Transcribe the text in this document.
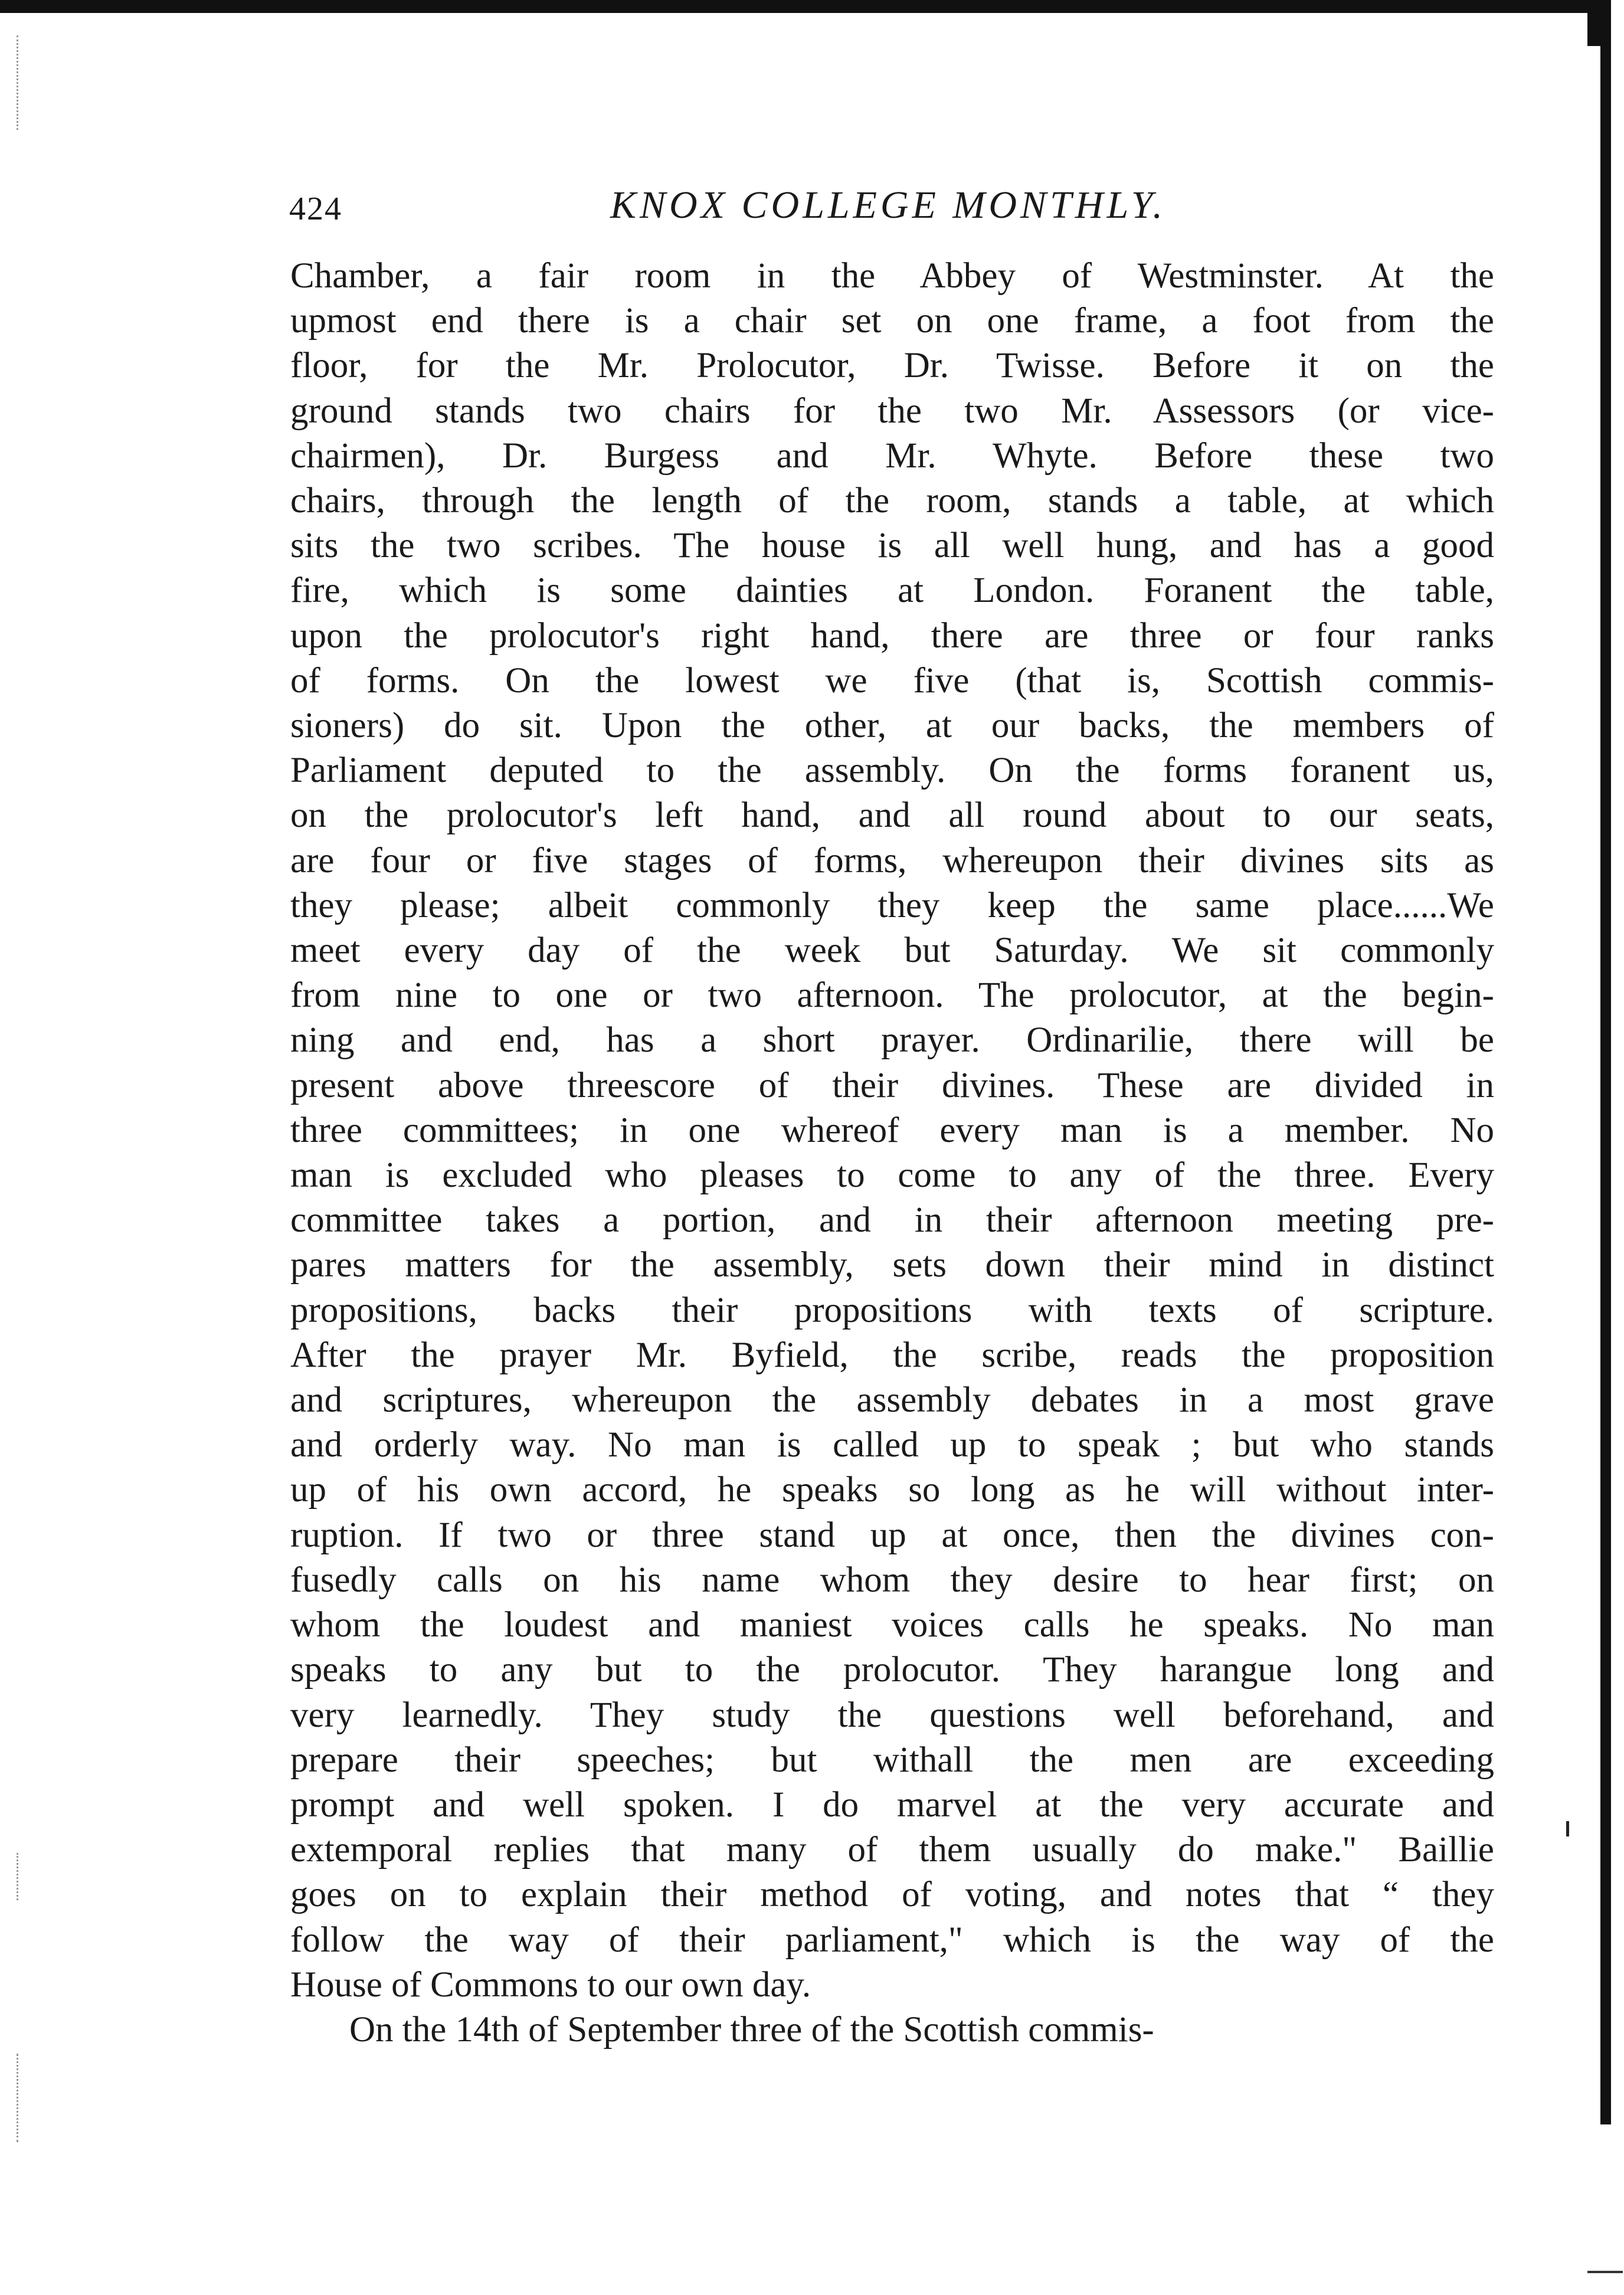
424	KNOX COLLEGE MONTHLY.

Chamber, a fair room in the Abbey of Westminster. At the
upmost end there is a chair set on one frame, a foot from the
floor, for the Mr. Prolocutor, Dr. Twisse. Before it on the
ground stands two chairs for the two Mr. Assessors (or vice-
chairmen), Dr. Burgess and Mr. Whyte. Before these two
chairs, through the length of the room, stands a table, at which
sits the two scribes. The house is all well hung, and has a good
fire, which is some dainties at London. Foranent the table,
upon the prolocutor's right hand, there are three or four ranks
of forms. On the lowest we five (that is, Scottish commis-
sioners) do sit. Upon the other, at our backs, the members of
Parliament deputed to the assembly. On the forms foranent us,
on the prolocutor's left hand, and all round about to our seats,
are four or five stages of forms, whereupon their divines sits as
they please; albeit commonly they keep the same place......We
meet every day of the week but Saturday. We sit commonly
from nine to one or two afternoon. The prolocutor, at the begin-
ning and end, has a short prayer. Ordinarilie, there will be
present above threescore of their divines. These are divided in
three committees; in one whereof every man is a member. No
man is excluded who pleases to come to any of the three. Every
committee takes a portion, and in their afternoon meeting pre-
pares matters for the assembly, sets down their mind in distinct
propositions, backs their propositions with texts of scripture.
After the prayer Mr. Byfield, the scribe, reads the proposition
and scriptures, whereupon the assembly debates in a most grave
and orderly way. No man is called up to speak ; but who stands
up of his own accord, he speaks so long as he will without inter-
ruption. If two or three stand up at once, then the divines con-
fusedly calls on his name whom they desire to hear first; on
whom the loudest and maniest voices calls he speaks. No man
speaks to any but to the prolocutor. They harangue long and
very learnedly. They study the questions well beforehand, and
prepare their speeches; but withall the men are exceeding
prompt and well spoken. I do marvel at the very accurate and
extemporal replies that many of them usually do make." Baillie
goes on to explain their method of voting, and notes that “ they
follow the way of their parliament," which is the way of the
House of Commons to our own day.

On the 14th of September three of the Scottish commis-
